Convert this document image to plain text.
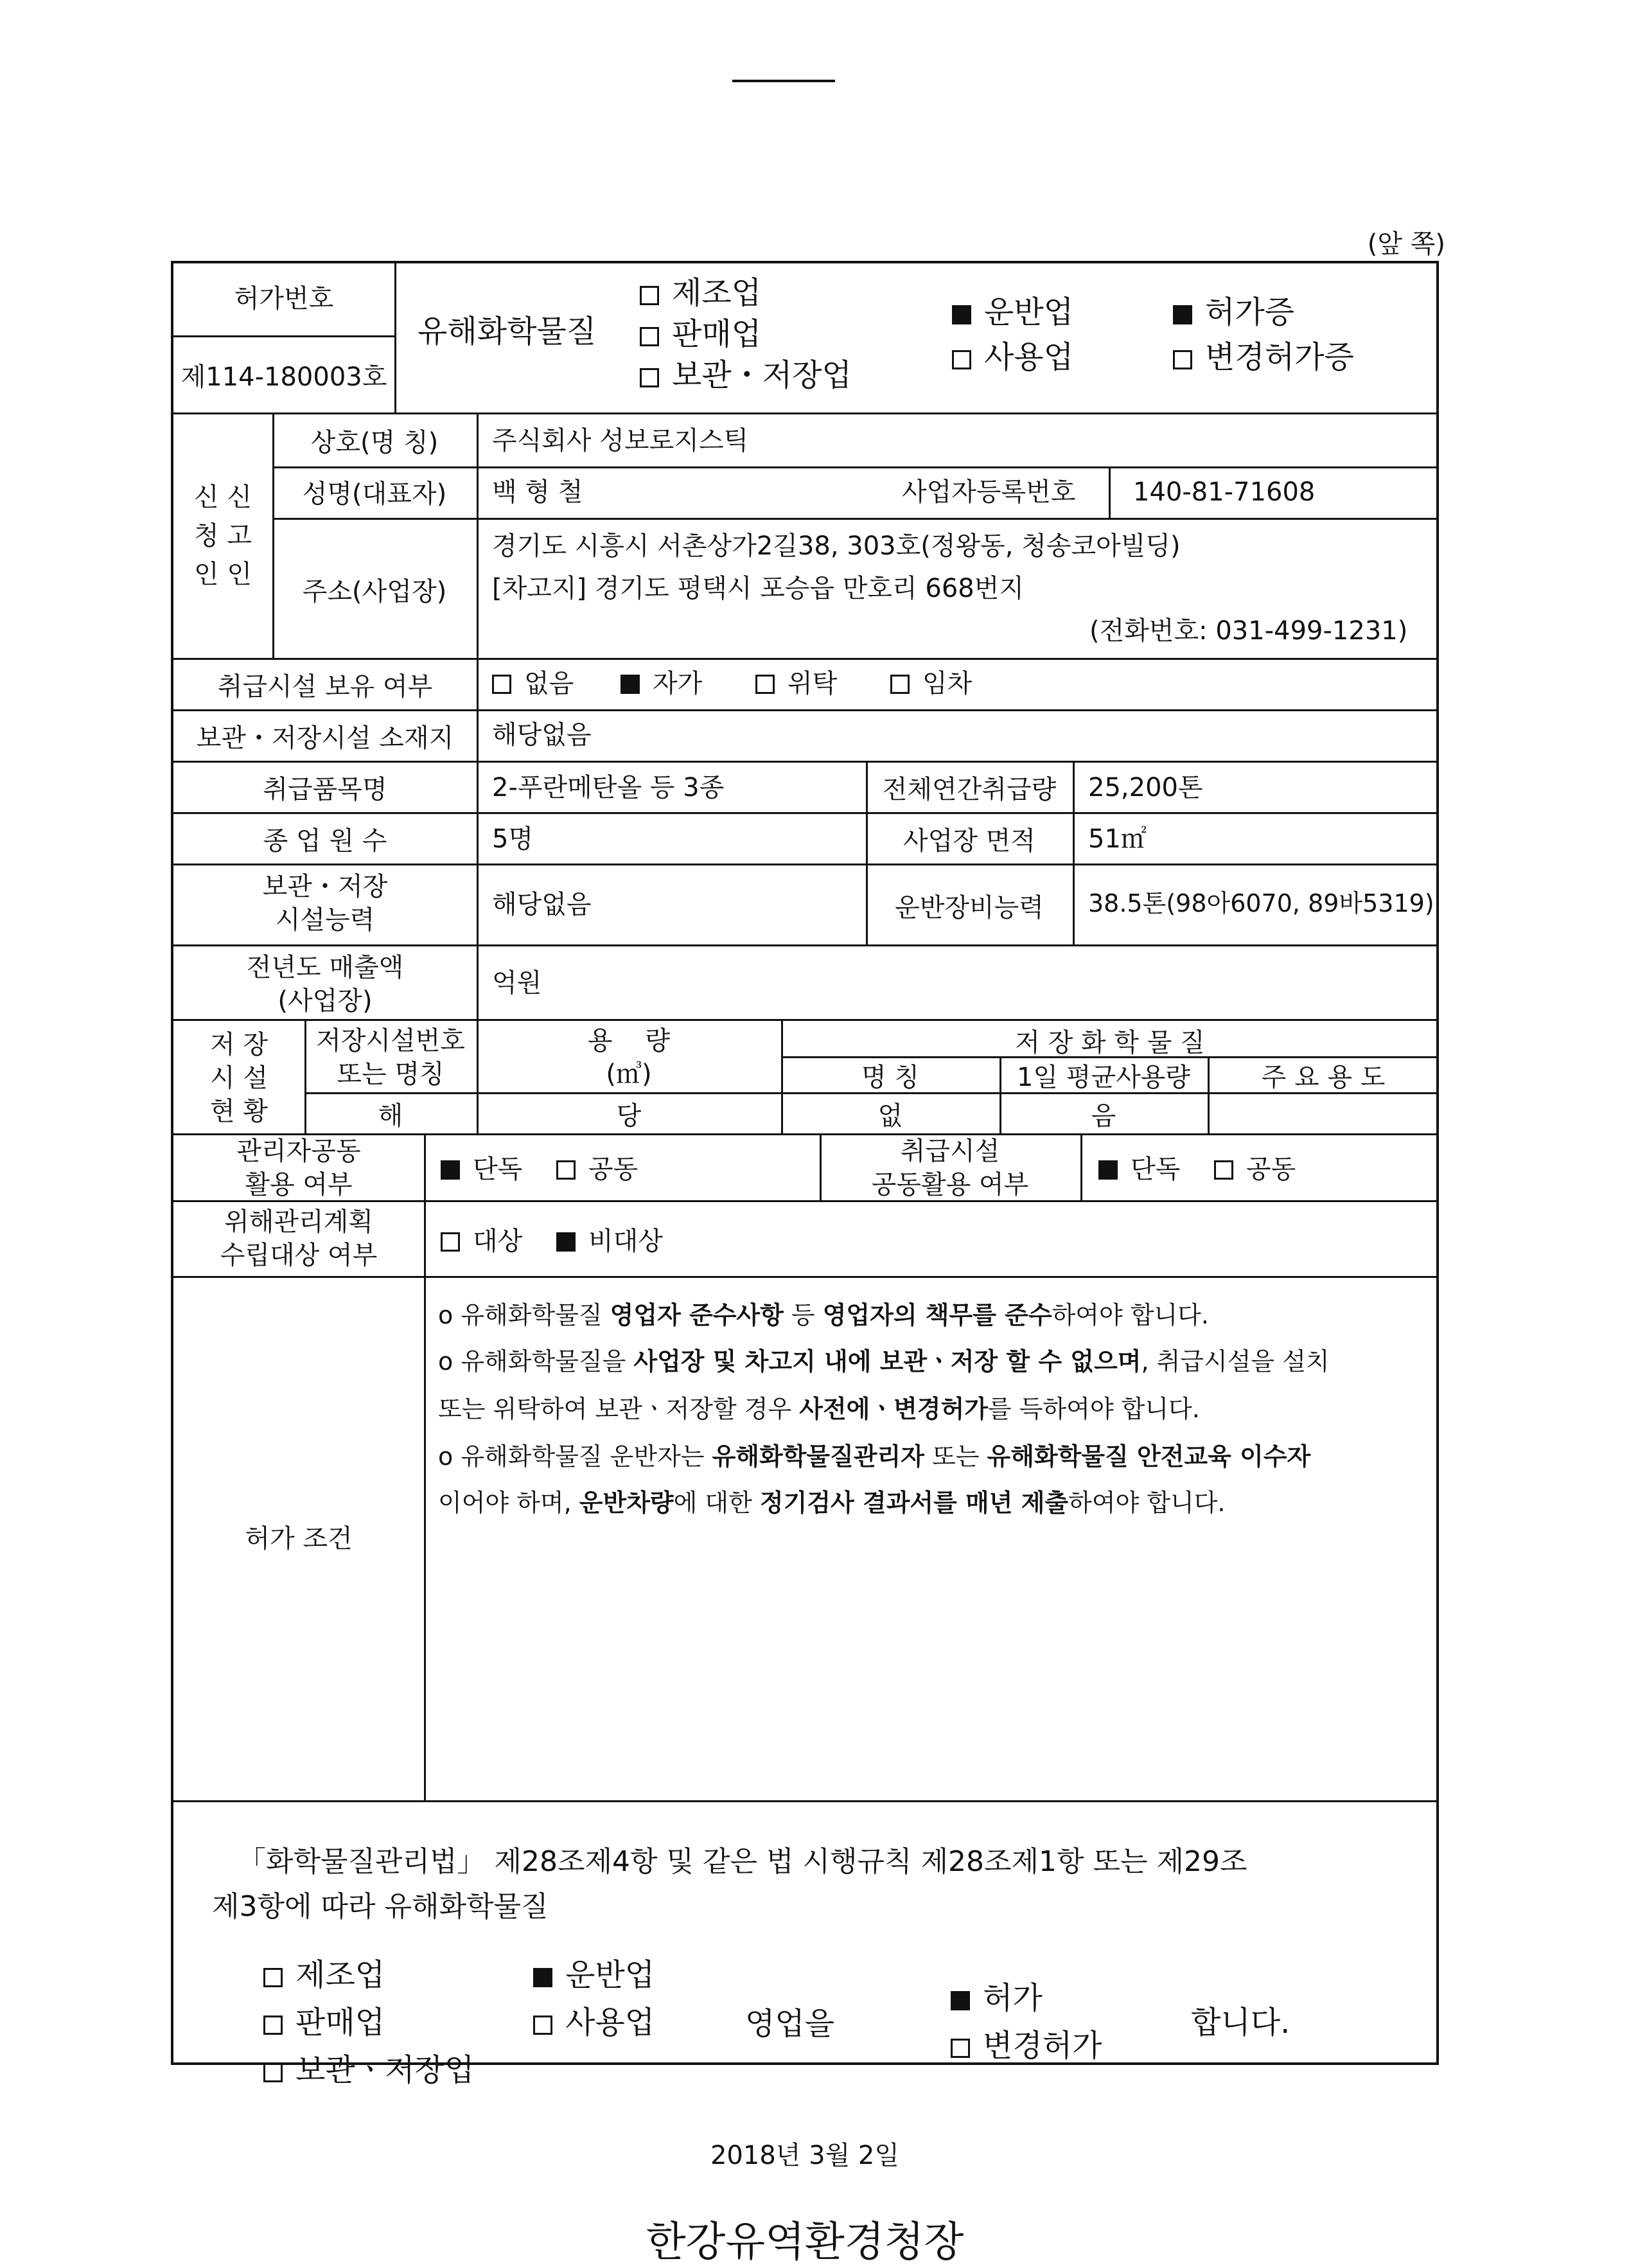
(앞 쪽)
허가번호
제114-180003호
유해화학물질
제조업
판매업
보관・저장업
운반업
사용업
허가증
변경허가증
신 신
청 고
인 인
상호(명 칭)	주식회사 성보로지스틱
성명(대표자)	백 형 철	사업자등록번호 140-81-71608
주소(사업장)
경기도 시흥시 서촌상가2길38, 303호(정왕동, 청송코아빌딩)
[차고지] 경기도 평택시 포승읍 만호리 668번지
(전화번호: 031-499-1231)
취급시설 보유 여부	없음	자가	위탁	임차
보관・저장시설 소재지	해당없음
취급품목명	2-푸란메탄올 등 3종	전체연간취급량	25,200톤
종 업 원 수	5명	사업장 면적	51㎡
보관・저장
시설능력
해당없음	운반장비능력	38.5톤(98아6070, 89바5319)
전년도 매출액
(사업장)
억원
저 장
시 설
현 황
저장시설번호
또는 명칭
용    량
(㎥)
저 장 화 학 물 질
명 칭	1일 평균사용량	주 요 용 도
해	당	없	음
관리자공동
활용 여부
단독	공동
취급시설
공동활용 여부
단독	공동
위해관리계획
수립대상 여부	대상	비대상
허가 조건
o 유해화학물질 영업자 준수사항 등 영업자의 책무를 준수하여야 합니다.
o 유해화학물질을 사업장 및 차고지 내에 보관ㆍ저장 할 수 없으며, 취급시설을 설치
또는 위탁하여 보관ㆍ저장할 경우 사전에ㆍ변경허가를 득하여야 합니다.
o 유해화학물질 운반자는 유해화학물질관리자 또는 유해화학물질 안전교육 이수자
이어야 하며, 운반차량에 대한 정기검사 결과서를 매년 제출하여야 합니다.
「화학물질관리법」 제28조제4항 및 같은 법 시행규칙 제28조제1항 또는 제29조
제3항에 따라 유해화학물질
제조업	운반업
판매업	사용업
보관ㆍ저장업
영업을
허가
변경허가
합니다.
2018년 3월 2일
한강유역환경청장
